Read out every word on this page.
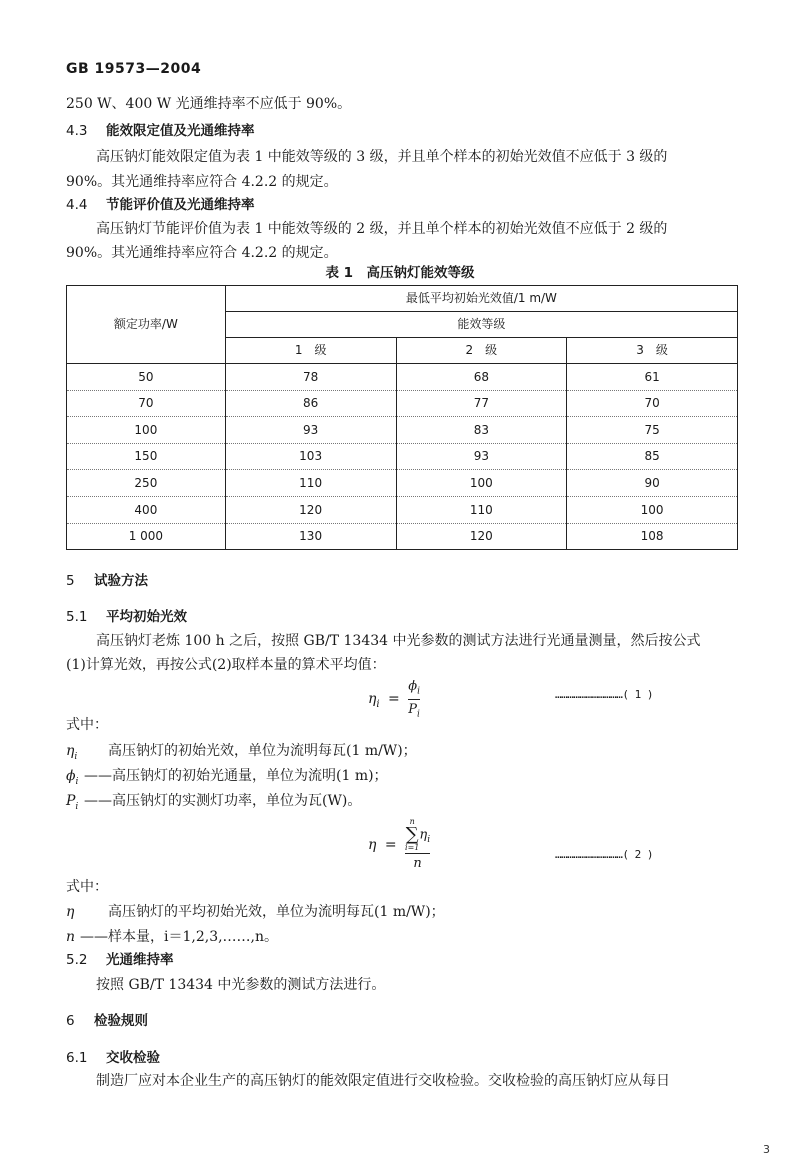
GB 19573—2004
250 W、400 W 光通维持率不应低于 90%。
4.3 能效限定值及光通维持率
高压钠灯能效限定值为表 1 中能效等级的 3 级，并且单个样本的初始光效值不应低于 3 级的
90%。其光通维持率应符合 4.2.2 的规定。
4.4 节能评价值及光通维持率
高压钠灯节能评价值为表 1 中能效等级的 2 级，并且单个样本的初始光效值不应低于 2 级的
90%。其光通维持率应符合 4.2.2 的规定。
表 1　高压钠灯能效等级
额定功率/W	最低平均初始光效值/1 m/W		
	能效等级		
	1　级	2　级	3　级
50	78	68	61
70	86	77	70
100	93	83	75
150	103	93	85
250	110	100	90
400	120	110	100
1 000	130	120	108
5 试验方法
5.1 平均初始光效
高压钠灯老炼 100 h 之后，按照 GB/T 13434 中光参数的测试方法进行光通量测量，然后按公式
(1)计算光效，再按公式(2)取样本量的算术平均值：
$\eta_i = \frac{\phi_i}{P_i}$	……………………………( 1 )
式中：
$\eta_i$ 高压钠灯的初始光效，单位为流明每瓦(1 m/W)；
$\phi_i$ ——高压钠灯的初始光通量，单位为流明(1 m)；
$P_i$ ——高压钠灯的实测灯功率，单位为瓦(W)。
η = n
∑
i=1
$\eta_i$
n	……………………………( 2 )
式中：
η 高压钠灯的平均初始光效，单位为流明每瓦(1 m/W)；
n ——样本量，i＝1,2,3,……,n。
5.2 光通维持率
按照 GB/T 13434 中光参数的测试方法进行。
6 检验规则
6.1 交收检验
制造厂应对本企业生产的高压钠灯的能效限定值进行交收检验。交收检验的高压钠灯应从每日
3
